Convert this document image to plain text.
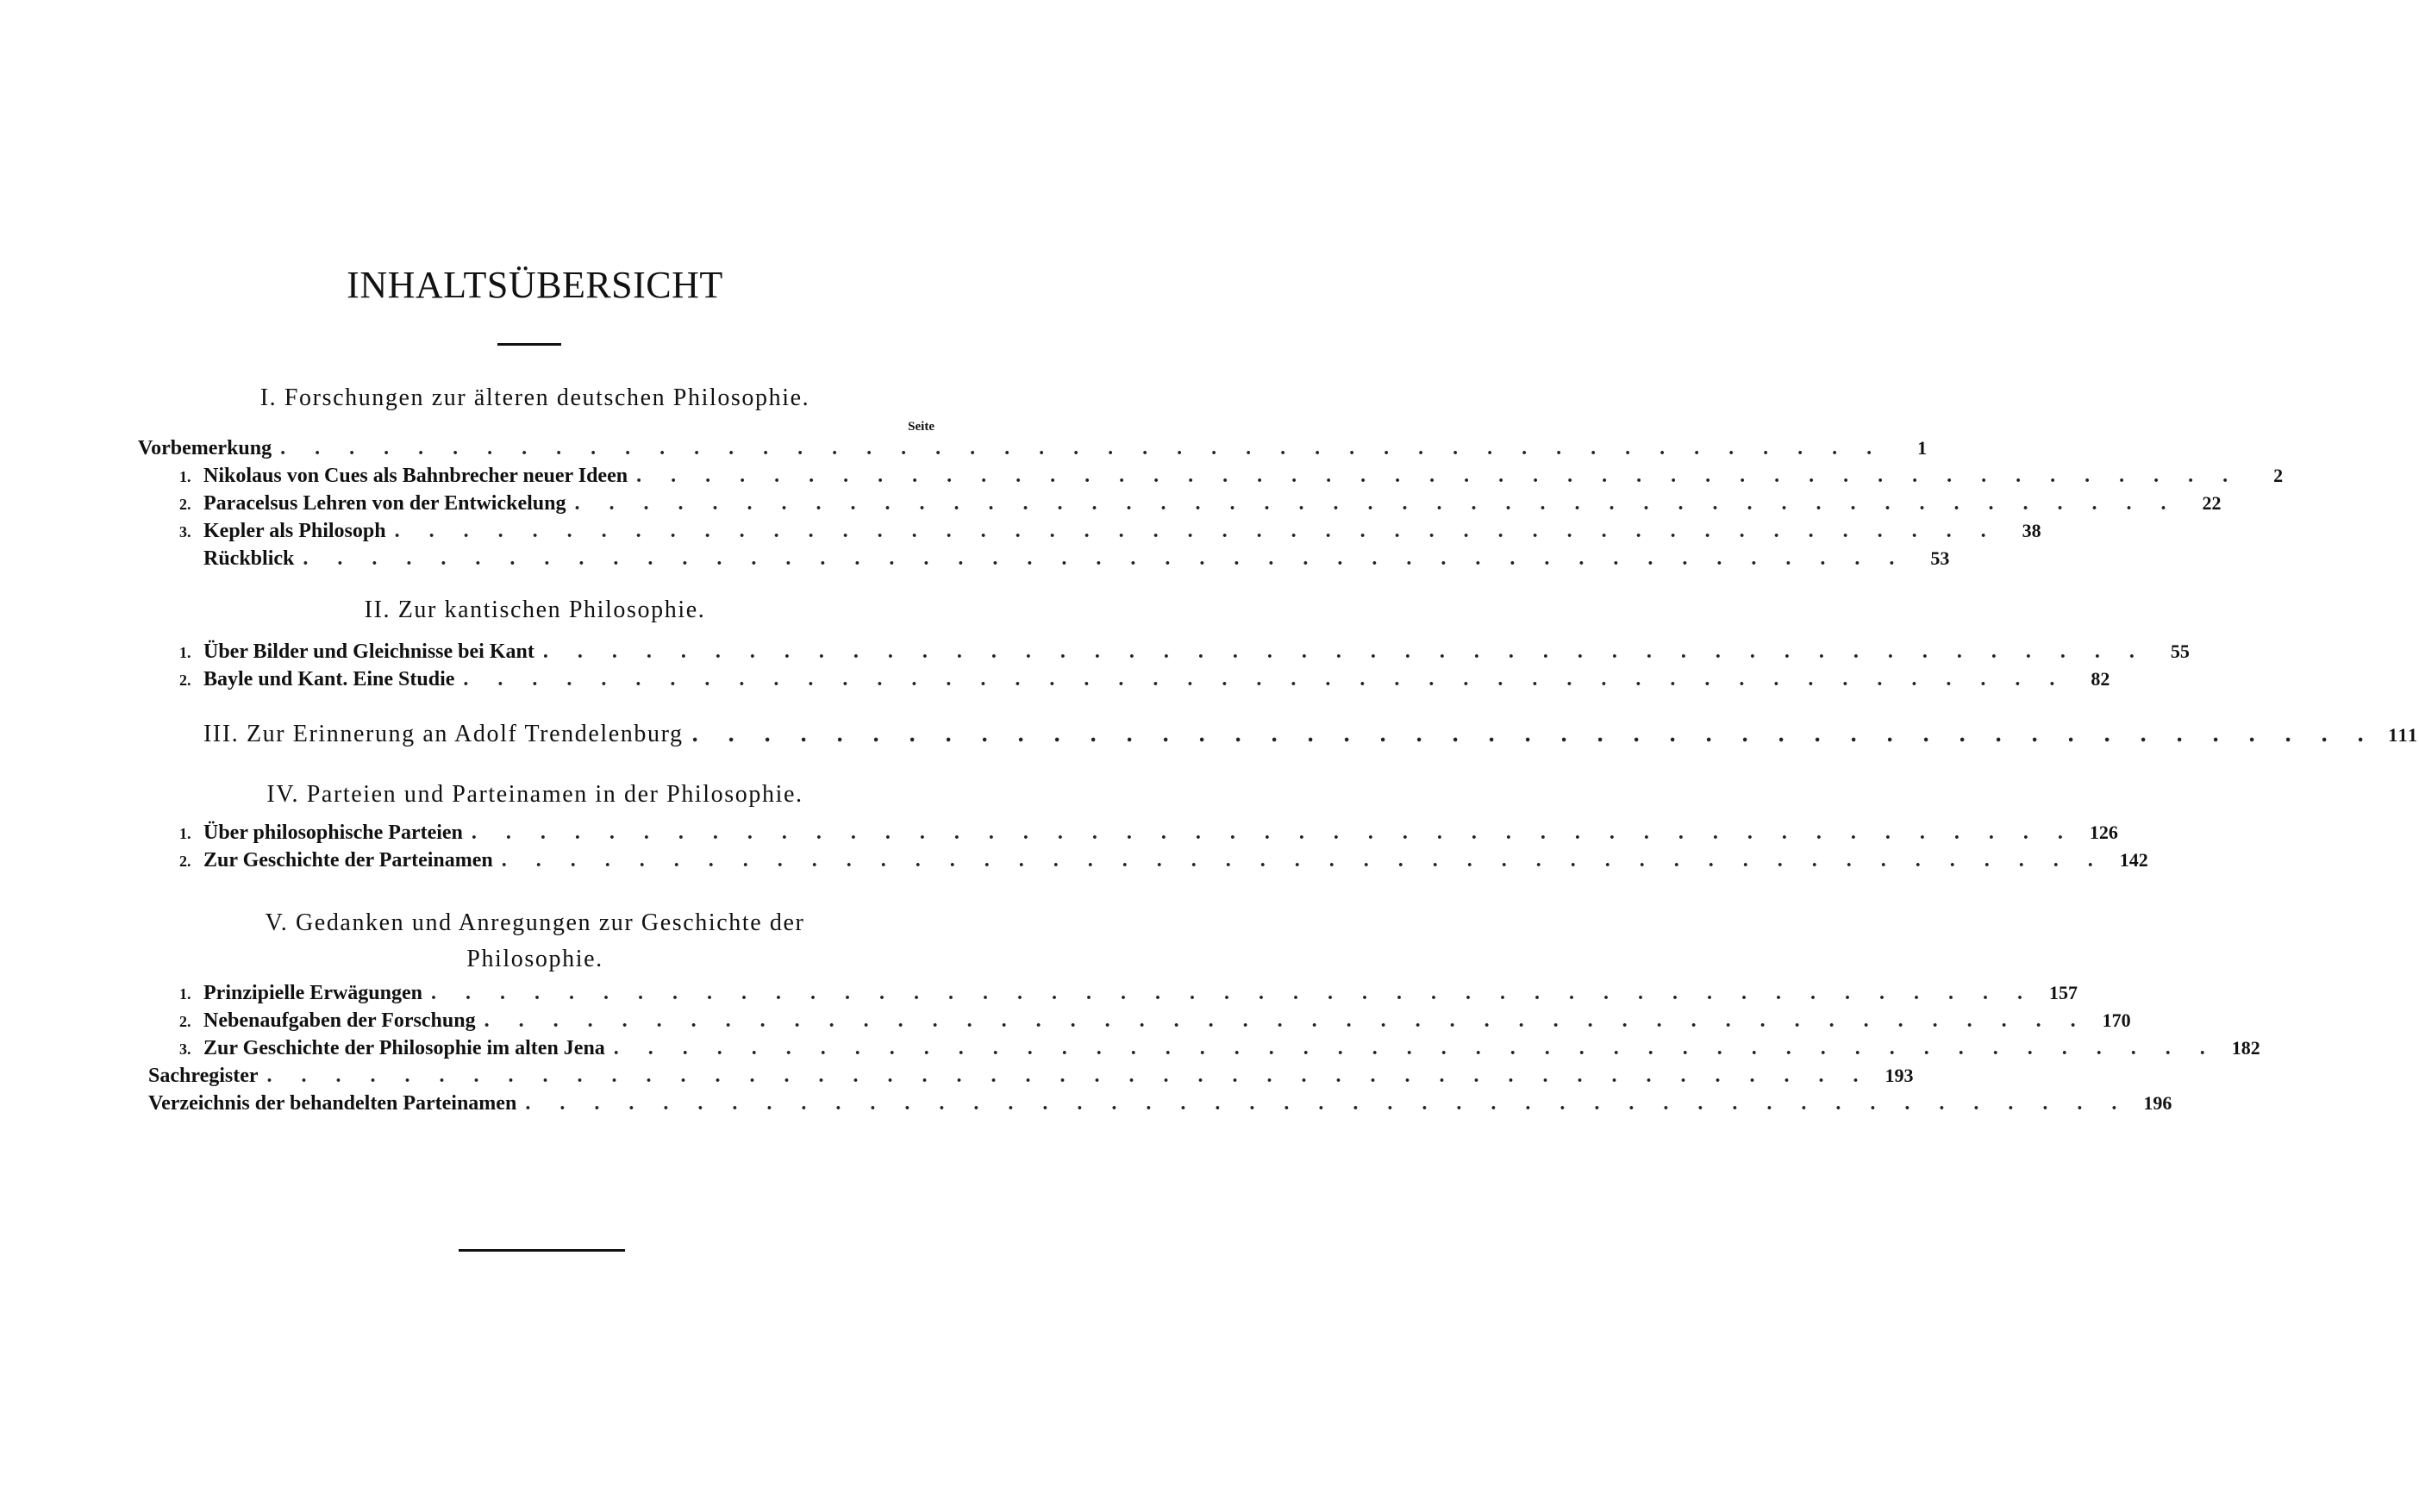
INHALTSÜBERSICHT
I. Forschungen zur älteren deutschen Philosophie.
Seite
Vorbemerkung . . . . . . . . . . . . . . . . . . . . . . . . . . . . . . . . . . . . . . . . . . . . . . .	1
1. Nikolaus von Cues als Bahnbrecher neuer Ideen . . . . . . . . . . . . . . . . . . . . . . . . . . . . . . . . . . . . . . . . . . . . . . .	2
2. Paracelsus Lehren von der Entwickelung . . . . . . . . . . . . . . . . . . . . . . . . . . . . . . . . . . . . . . . . . . . . . . .	22
3. Kepler als Philosoph . . . . . . . . . . . . . . . . . . . . . . . . . . . . . . . . . . . . . . . . . . . . . . .	38
Rückblick . . . . . . . . . . . . . . . . . . . . . . . . . . . . . . . . . . . . . . . . . . . . . . .	53
II. Zur kantischen Philosophie.
1. Über Bilder und Gleichnisse bei Kant . . . . . . . . . . . . . . . . . . . . . . . . . . . . . . . . . . . . . . . . . . . . . . .	55
2. Bayle und Kant. Eine Studie . . . . . . . . . . . . . . . . . . . . . . . . . . . . . . . . . . . . . . . . . . . . . . .	82
III. Zur Erinnerung an Adolf Trendelenburg . . . . . . . . . . . . . . . . . . . . . . . . . . . . . . . . . . . . . . . . . . . . . . . 111
IV. Parteien und Parteinamen in der Philosophie.
1. Über philosophische Parteien . . . . . . . . . . . . . . . . . . . . . . . . . . . . . . . . . . . . . . . . . . . . . . . 126
2. Zur Geschichte der Parteinamen . . . . . . . . . . . . . . . . . . . . . . . . . . . . . . . . . . . . . . . . . . . . . . . 142
V. Gedanken und Anregungen zur Geschichte der
Philosophie.
1. Prinzipielle Erwägungen . . . . . . . . . . . . . . . . . . . . . . . . . . . . . . . . . . . . . . . . . . . . . . . 157
2. Nebenaufgaben der Forschung . . . . . . . . . . . . . . . . . . . . . . . . . . . . . . . . . . . . . . . . . . . . . . . 170
3. Zur Geschichte der Philosophie im alten Jena . . . . . . . . . . . . . . . . . . . . . . . . . . . . . . . . . . . . . . . . . . . . . . . 182
Sachregister . . . . . . . . . . . . . . . . . . . . . . . . . . . . . . . . . . . . . . . . . . . . . . . 193
Verzeichnis der behandelten Parteinamen . . . . . . . . . . . . . . . . . . . . . . . . . . . . . . . . . . . . . . . . . . . . . . . 196
